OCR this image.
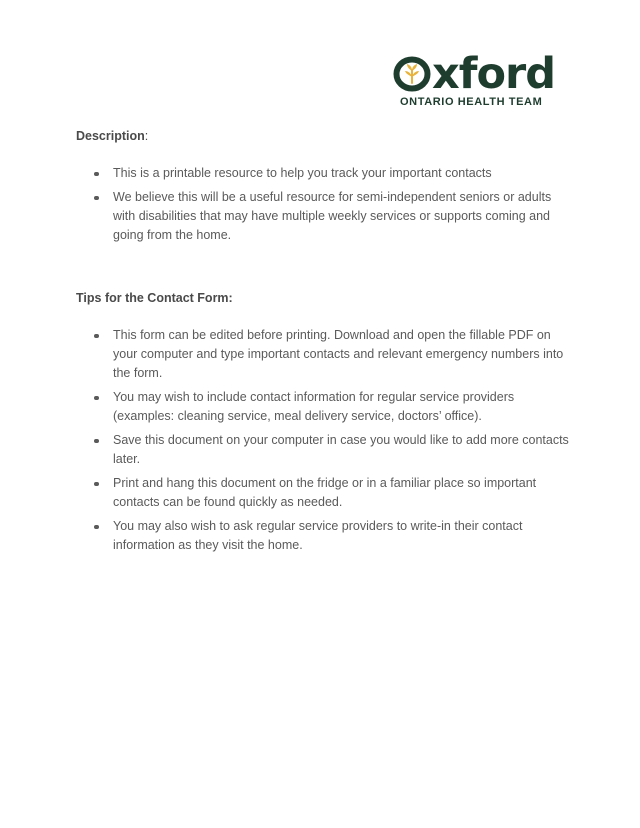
xford
ONTARIO HEALTH TEAM

Description:

This is a printable resource to help you track your important contacts
We believe this will be a useful resource for semi-independent seniors or adults with disabilities that may have multiple weekly services or supports coming and going from the home.

Tips for the Contact Form:

This form can be edited before printing. Download and open the fillable PDF on your computer and type important contacts and relevant emergency numbers into the form.
You may wish to include contact information for regular service providers (examples: cleaning service, meal delivery service, doctors’ office).
Save this document on your computer in case you would like to add more contacts later.
Print and hang this document on the fridge or in a familiar place so important contacts can be found quickly as needed.
You may also wish to ask regular service providers to write-in their contact information as they visit the home.
